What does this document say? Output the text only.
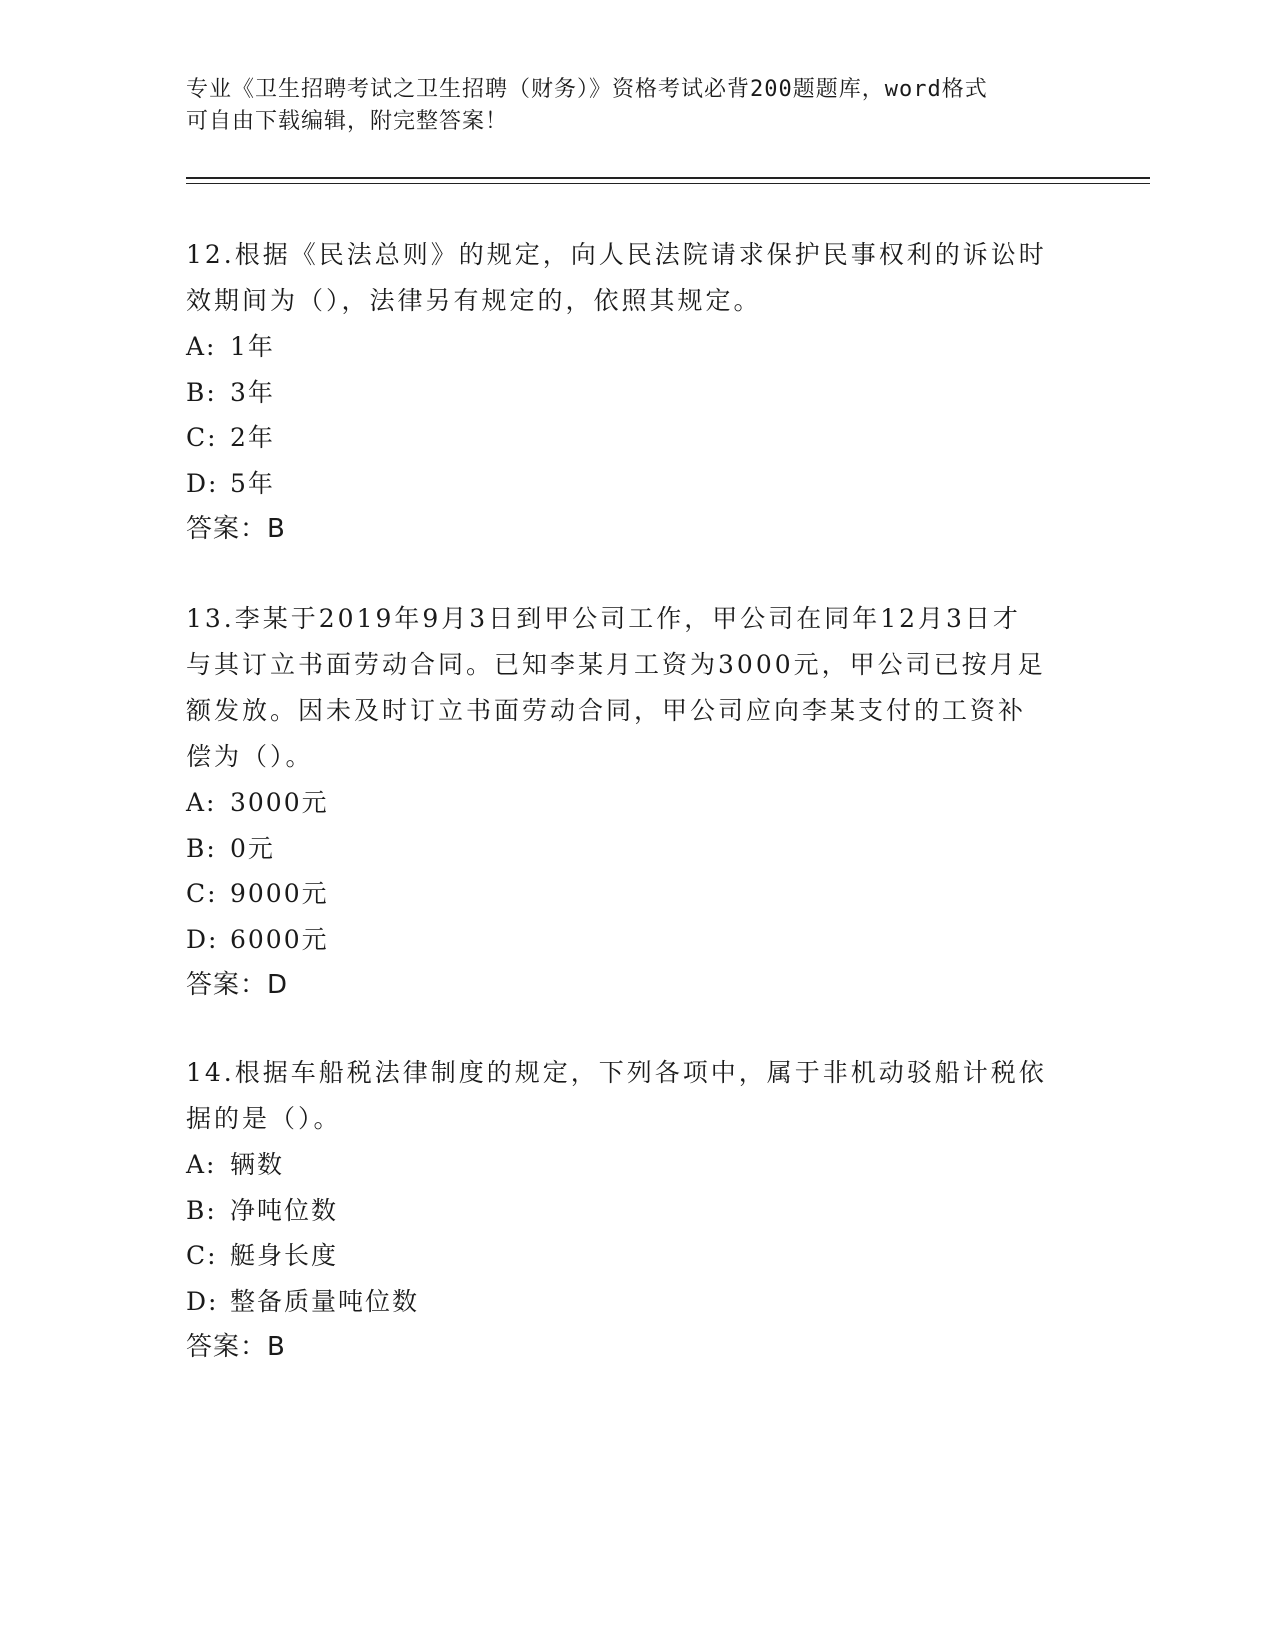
专业《卫生招聘考试之卫生招聘（财务）》资格考试必背200题题库，word格式
可自由下载编辑，附完整答案！
12.根据《民法总则》的规定，向人民法院请求保护民事权利的诉讼时
效期间为（），法律另有规定的，依照其规定。
A: 1年
B: 3年
C: 2年
D: 5年
答案：B
13.李某于2019年9月3日到甲公司工作，甲公司在同年12月3日才
与其订立书面劳动合同。已知李某月工资为3000元，甲公司已按月足
额发放。因未及时订立书面劳动合同，甲公司应向李某支付的工资补
偿为（）。
A: 3000元
B: 0元
C: 9000元
D: 6000元
答案：D
14.根据车船税法律制度的规定，下列各项中，属于非机动驳船计税依
据的是（）。
A: 辆数
B: 净吨位数
C: 艇身长度
D: 整备质量吨位数
答案：B
